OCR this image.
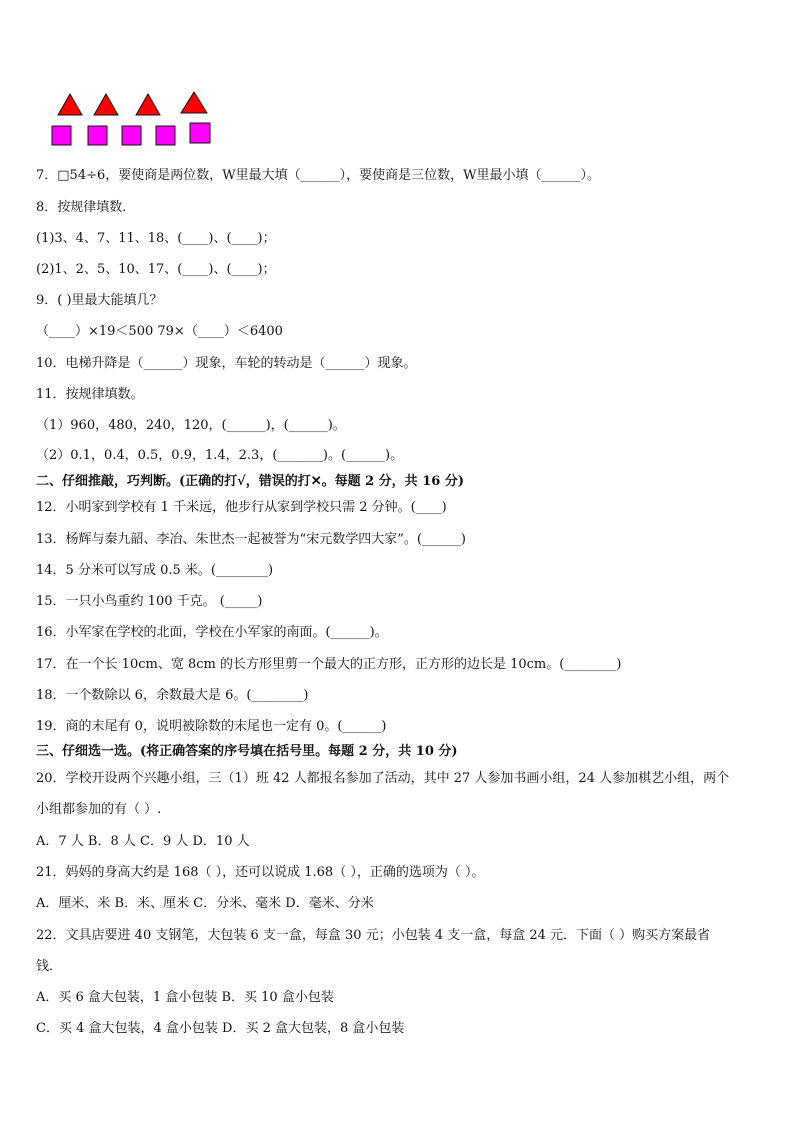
7．□54÷6，要使商是两位数，W里最大填（______），要使商是三位数，W里最小填（______）。
8．按规律填数．
(1)3、4、7、11、18、(____)、(____)；
(2)1、2、5、10、17、(____)、(____)；
9．( )里最大能填几？
（____）×19＜500 79×（____）＜6400
10．电梯升降是（______）现象，车轮的转动是（______）现象。
11．按规律填数。
（1）960，480，240，120，(______)，(______)。
（2）0.1，0.4，0.5，0.9，1.4，2.3，(_______)。(______)。
二、仔细推敲，巧判断。(正确的打√，错误的打✕。每题 2 分，共 16 分)
12．小明家到学校有 1 千米远，他步行从家到学校只需 2 分钟。(____)
13．杨辉与秦九韶、李冶、朱世杰一起被誉为“宋元数学四大家”。(______)
14．5 分米可以写成 0.5 米。(________)
15．一只小鸟重约 100 千克。 (_____)
16．小军家在学校的北面，学校在小军家的南面。(______)。
17．在一个长 10cm、宽 8cm 的长方形里剪一个最大的正方形，正方形的边长是 10cm。(________)
18．一个数除以 6，余数最大是 6。(________)
19．商的末尾有 0，说明被除数的末尾也一定有 0。(______)
三、仔细选一选。(将正确答案的序号填在括号里。每题 2 分，共 10 分)
20．学校开设两个兴趣小组，三（1）班 42 人都报名参加了活动，其中 27 人参加书画小组，24 人参加棋艺小组，两个
小组都参加的有（ ）.
A．7 人 B．8 人 C．9 人 D．10 人
21．妈妈的身高大约是 168（ ），还可以说成 1.68（ ），正确的选项为（ ）。
A．厘米、米 B．米、厘米 C．分米、毫米 D．毫米、分米
22．文具店要进 40 支钢笔，大包装 6 支一盒，每盒 30 元；小包装 4 支一盒，每盒 24 元．下面（ ）购买方案最省
钱．
A．买 6 盒大包装，1 盒小包装 B．买 10 盒小包装
C．买 4 盒大包装，4 盒小包装 D．买 2 盒大包装，8 盒小包装
